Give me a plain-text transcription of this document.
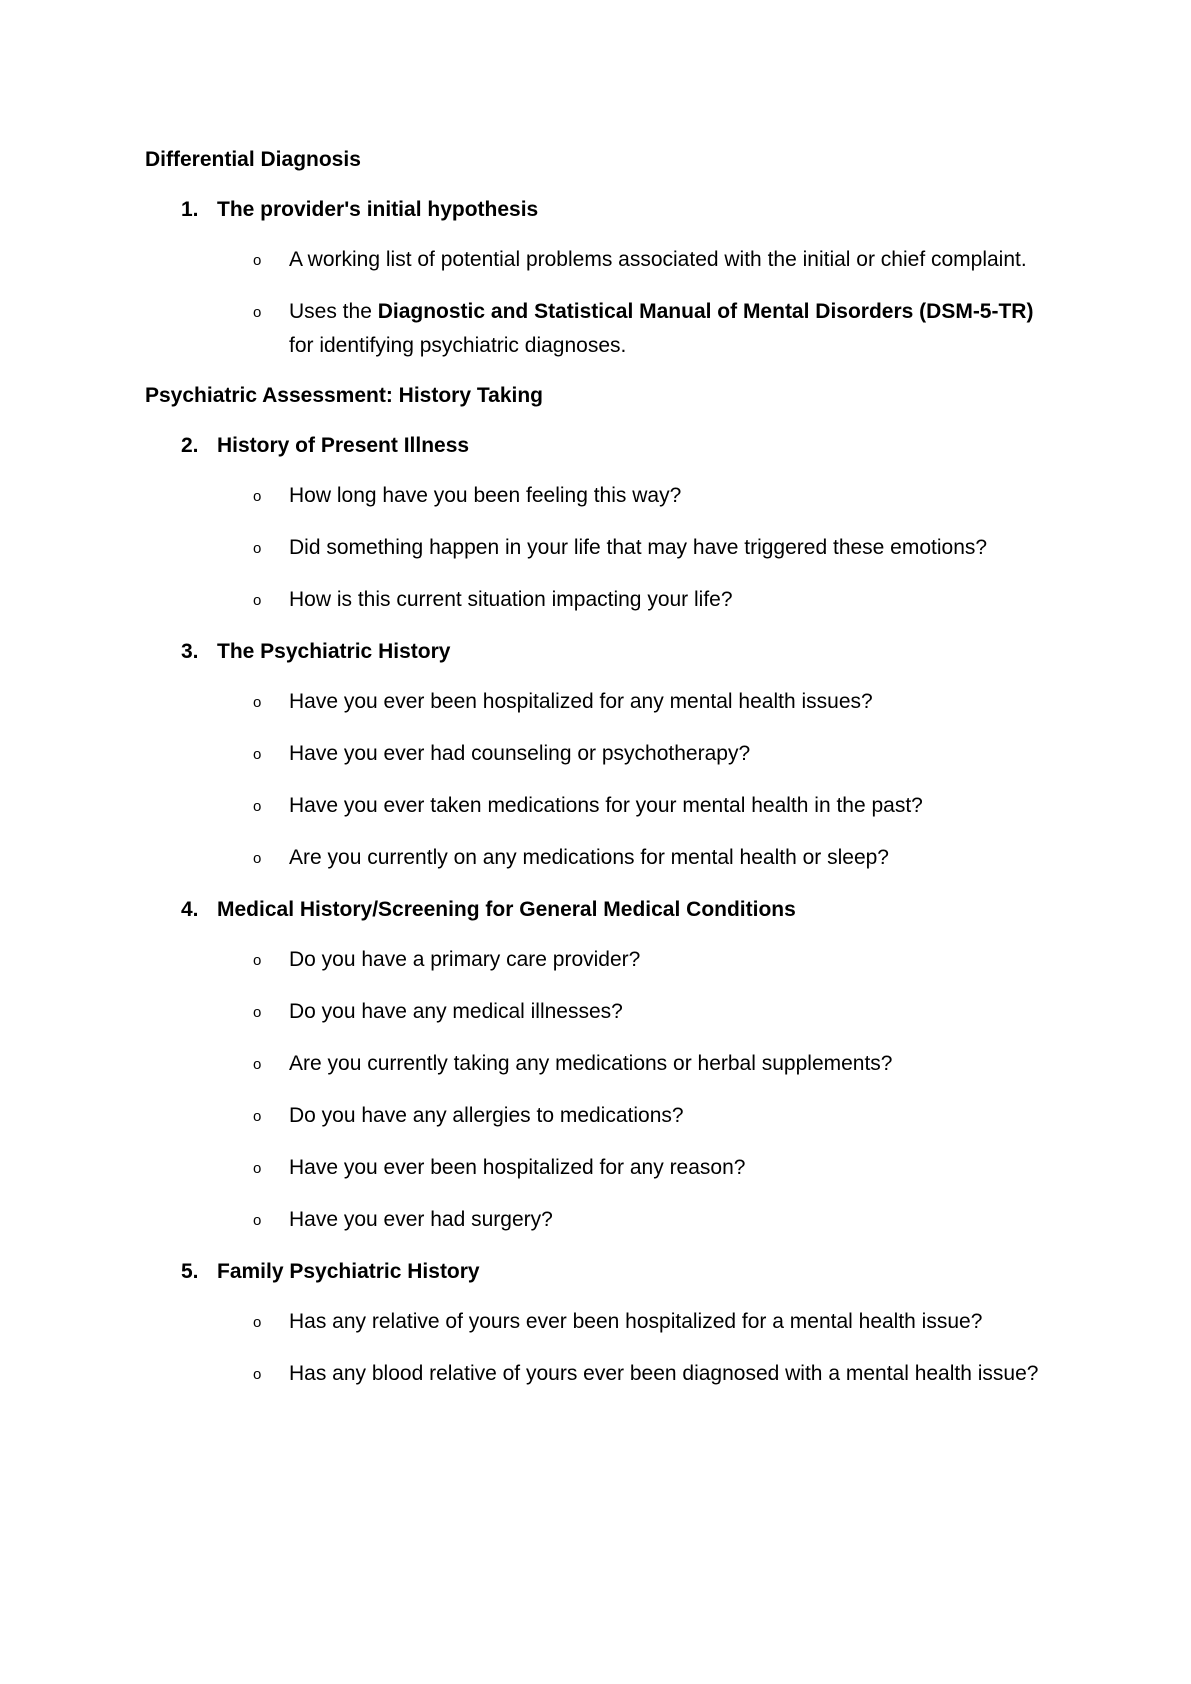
Differential Diagnosis
1. The provider's initial hypothesis
o	A working list of potential problems associated with the initial or chief complaint.
o	Uses the Diagnostic and Statistical Manual of Mental Disorders (DSM-5-TR) for identifying psychiatric diagnoses.
Psychiatric Assessment: History Taking
2. History of Present Illness
o	How long have you been feeling this way?
o	Did something happen in your life that may have triggered these emotions?
o	How is this current situation impacting your life?
3. The Psychiatric History
o	Have you ever been hospitalized for any mental health issues?
o	Have you ever had counseling or psychotherapy?
o	Have you ever taken medications for your mental health in the past?
o	Are you currently on any medications for mental health or sleep?
4. Medical History/Screening for General Medical Conditions
o	Do you have a primary care provider?
o	Do you have any medical illnesses?
o	Are you currently taking any medications or herbal supplements?
o	Do you have any allergies to medications?
o	Have you ever been hospitalized for any reason?
o	Have you ever had surgery?
5. Family Psychiatric History
o	Has any relative of yours ever been hospitalized for a mental health issue?
o	Has any blood relative of yours ever been diagnosed with a mental health issue?
